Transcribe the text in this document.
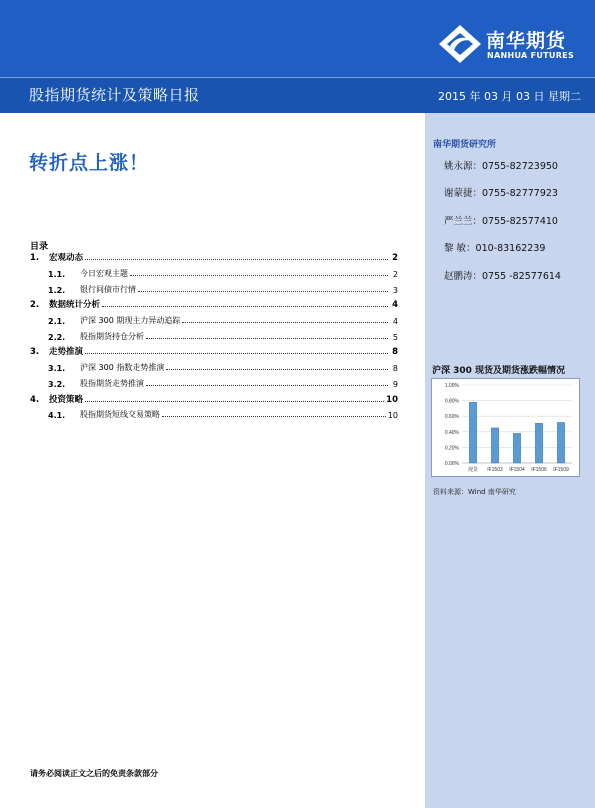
南华期货
NANHUA FUTURES
股指期货统计及策略日报	2015 年 03 月 03 日 星期二
转折点上涨！
南华期货研究所
姚永源：0755-82723950
谢蒙捷：0755-82777923
严兰兰：0755-82577410
黎 敏：010-83162239
赵鹏涛：0755 -82577614
目录
1.	宏观动态	2
1.1.	今日宏观主题	2
1.2.	银行间债市行情	3
2.	数据统计分析	4
2.1.	沪深 300 期现主力异动追踪	4
2.2.	股指期货持仓分析	5
3.	走势推演	8
3.1.	沪深 300 指数走势推演	8
3.2.	股指期货走势推演	9
4.	投资策略	10
4.1.	股指期货短线交易策略	10
沪深 300 现货及期货涨跌幅情况
0.00%
0.20%
0.40%
0.60%
0.80%
1.00%
现货 IF1503 IF1504 IF1506 IF1509
资料来源：Wind 南华研究
请务必阅读正文之后的免责条款部分
